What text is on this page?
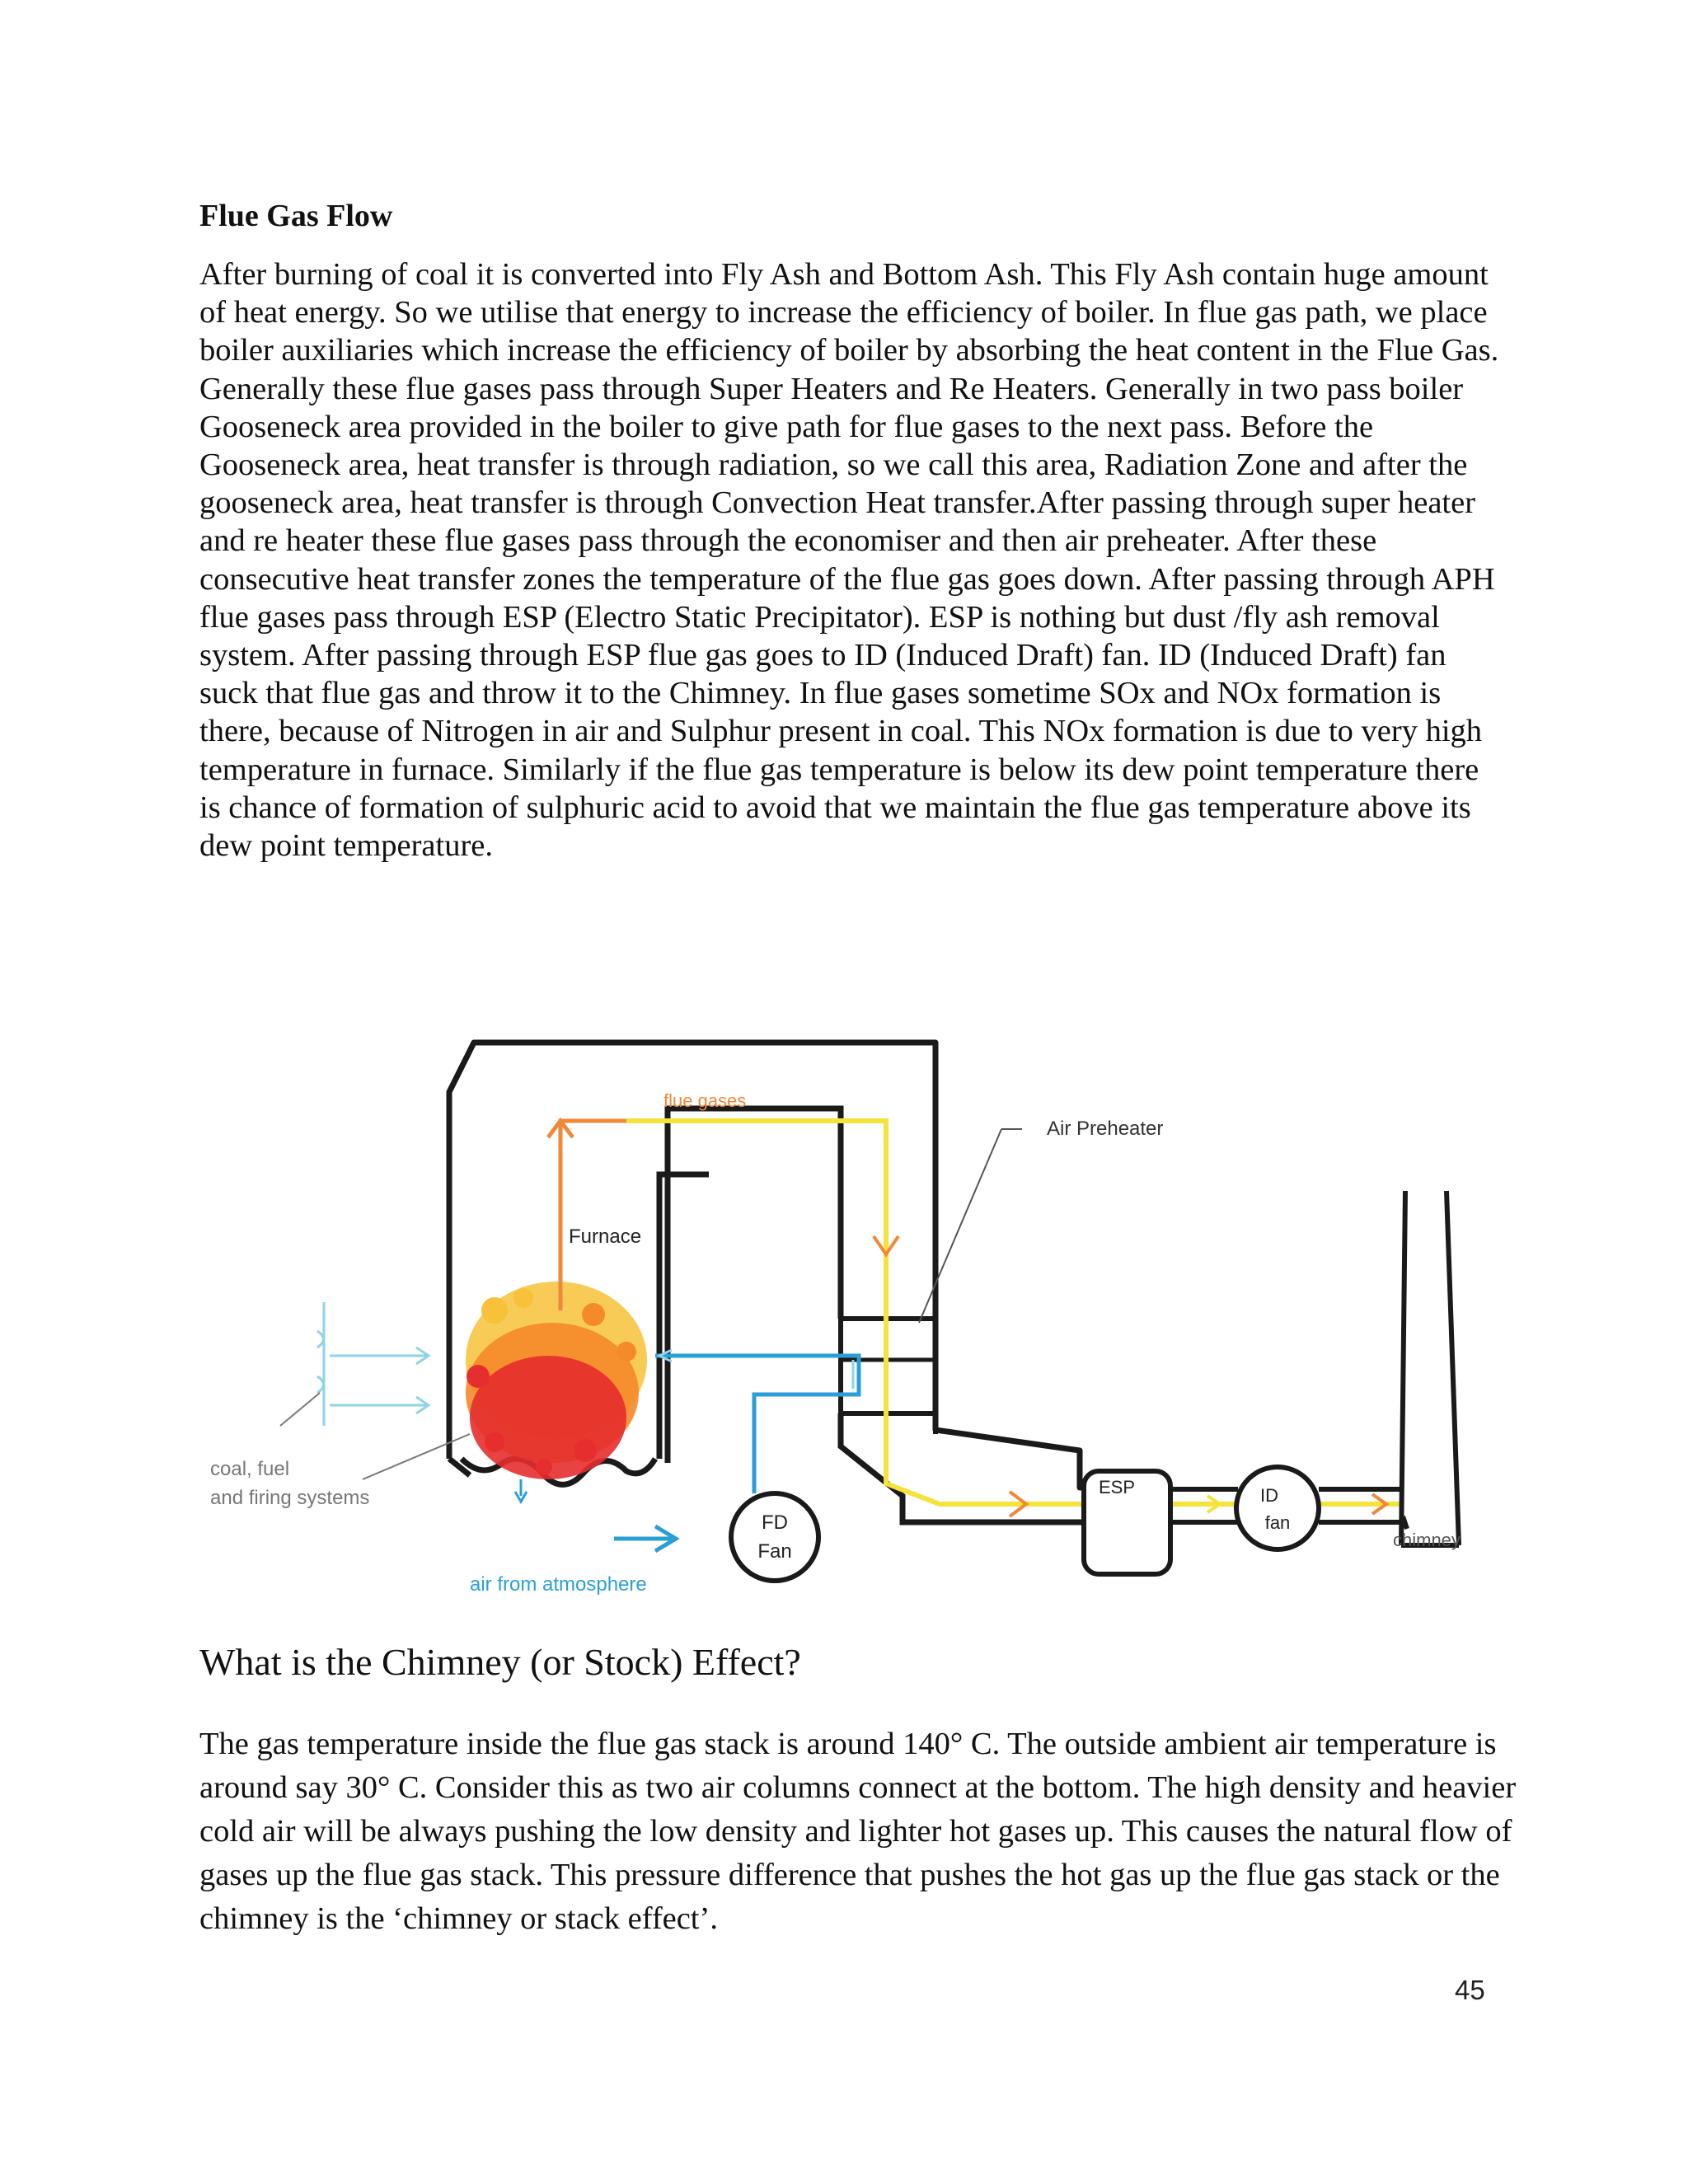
Flue Gas Flow

After burning of coal it is converted into Fly Ash and Bottom Ash. This Fly Ash contain huge amount of heat energy. So we utilise that energy to increase the efficiency of boiler. In flue gas path, we place boiler auxiliaries which increase the efficiency of boiler by absorbing the heat content in the Flue Gas. Generally these flue gases pass through Super Heaters and Re Heaters. Generally in two pass boiler Gooseneck area provided in the boiler to give path for flue gases to the next pass. Before the Gooseneck area, heat transfer is through radiation, so we call this area, Radiation Zone and after the gooseneck area, heat transfer is through Convection Heat transfer.After passing through super heater and re heater these flue gases pass through the economiser and then air preheater. After these consecutive heat transfer zones the temperature of the flue gas goes down. After passing through APH flue gases pass through ESP (Electro Static Precipitator). ESP is nothing but dust /fly ash removal system. After passing through ESP flue gas goes to ID (Induced Draft) fan. ID (Induced Draft) fan suck that flue gas and throw it to the Chimney. In flue gases sometime SOx and NOx formation is there, because of Nitrogen in air and Sulphur present in coal. This NOx formation is due to very high temperature in furnace. Similarly if the flue gas temperature is below its dew point temperature there is chance of formation of sulphuric acid to avoid that we maintain the flue gas temperature above its dew point temperature.

flue gases
Air Preheater
Furnace
coal, fuel
and firing systems
FD
Fan
ESP	ID
fan
chimney
air from atmosphere
What is the Chimney (or Stock) Effect?

The gas temperature inside the flue gas stack is around 140° C. The outside ambient air temperature is around say 30° C. Consider this as two air columns connect at the bottom. The high density and heavier cold air will be always pushing the low density and lighter hot gases up. This causes the natural flow of gases up the flue gas stack. This pressure difference that pushes the hot gas up the flue gas stack or the chimney is the ‘chimney or stack effect’.

45
